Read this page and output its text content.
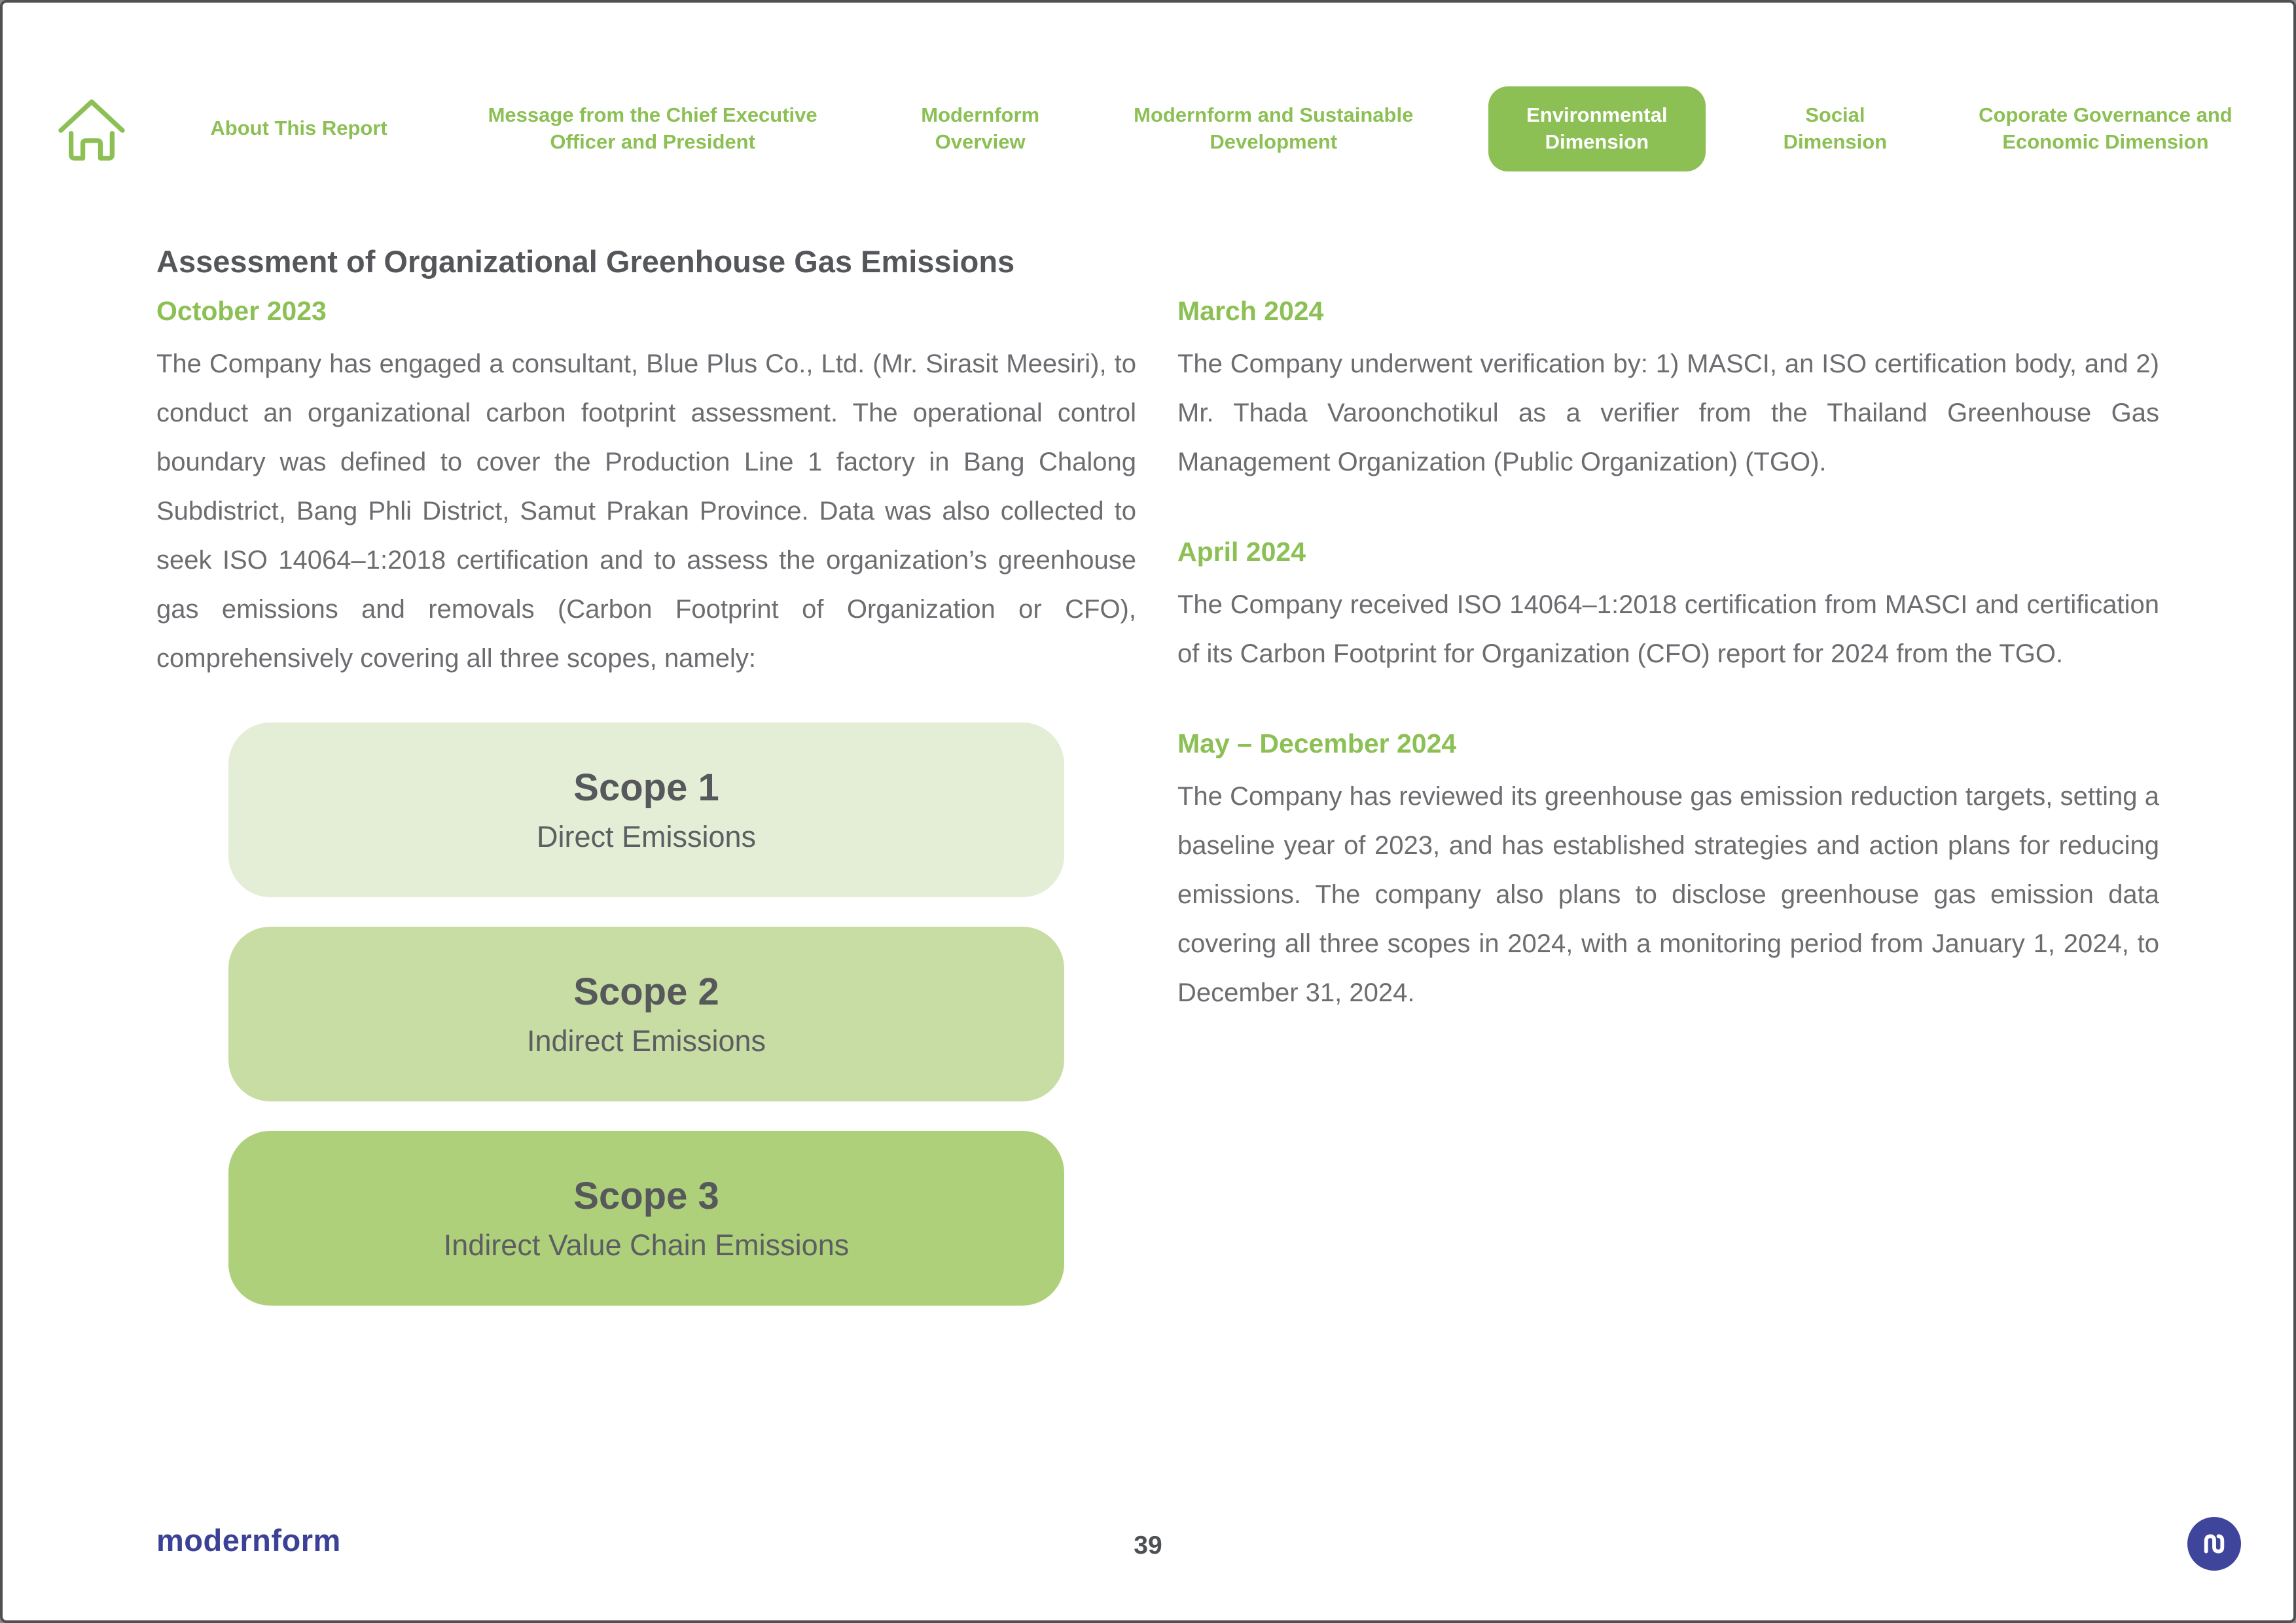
About This Report
Message from the Chief Executive Officer and President
Modernform Overview
Modernform and Sustainable Development
Environmental Dimension
Social Dimension
Coporate Governance and Economic Dimension
Assessment of Organizational Greenhouse Gas Emissions
October 2023

The Company has engaged a consultant, Blue Plus Co., Ltd. (Mr. Sirasit Meesiri), to conduct an organizational carbon footprint assessment. The operational control boundary was defined to cover the Production Line 1 factory in Bang Chalong Subdistrict, Bang Phli District, Samut Prakan Province. Data was also collected to seek ISO 14064–1:2018 certification and to assess the organization’s greenhouse gas emissions and removals (Carbon Footprint of Organization or CFO), comprehensively covering all three scopes, namely:

Scope 1
Direct Emissions
Scope 2
Indirect Emissions
Scope 3
Indirect Value Chain Emissions
March 2024

The Company underwent verification by: 1) MASCI, an ISO certification body, and 2) Mr. Thada Varoonchotikul as a verifier from the Thailand Greenhouse Gas Management Organization (Public Organization) (TGO).

April 2024

The Company received ISO 14064–1:2018 certification from MASCI and certification of its Carbon Footprint for Organization (CFO) report for 2024 from the TGO.

May – December 2024

The Company has reviewed its greenhouse gas emission reduction targets, setting a baseline year of 2023, and has established strategies and action plans for reducing emissions. The company also plans to disclose greenhouse gas emission data covering all three scopes in 2024, with a monitoring period from January 1, 2024, to December 31, 2024.

modernform	39
